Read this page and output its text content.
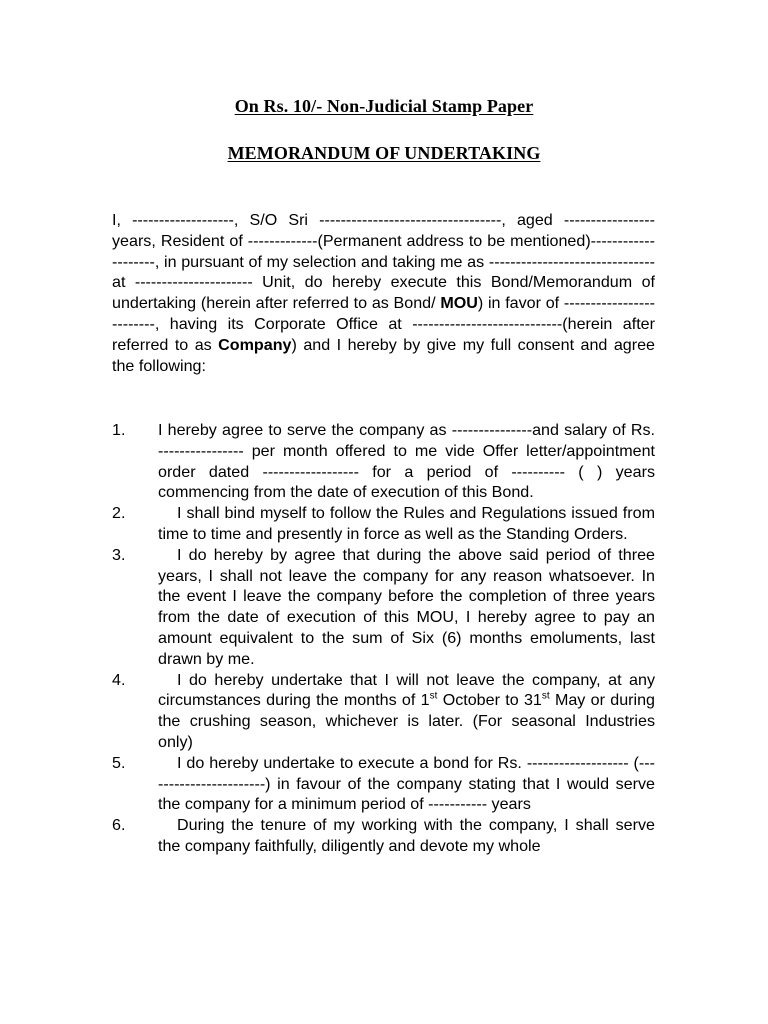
On Rs. 10/- Non-Judicial Stamp Paper
MEMORANDUM OF UNDERTAKING

I, -------------------, S/O Sri ----------------------------------, aged ----------------- years, Resident of -------------(Permanent address to be mentioned)--------------------, in pursuant of my selection and taking me as ------------------------------- at ---------------------- Unit, do hereby execute this Bond/Memorandum of undertaking (herein after referred to as Bond/ MOU) in favor of -------------------------, having its Corporate Office at ----------------------------(herein after referred to as Company) and I hereby by give my full consent and agree the following:

1.	I hereby agree to serve the company as ---------------and salary of Rs. ---------------- per month offered to me vide Offer letter/appointment order dated ------------------ for a period of ---------- ( ) years commencing from the date of execution of this Bond.
2.	I shall bind myself to follow the Rules and Regulations issued from time to time and presently in force as well as the Standing Orders.
3.	I do hereby by agree that during the above said period of three years, I shall not leave the company for any reason whatsoever. In the event I leave the company before the completion of three years from the date of execution of this MOU, I hereby agree to pay an amount equivalent to the sum of Six (6) months emoluments, last drawn by me.
4.	I do hereby undertake that I will not leave the company, at any circumstances during the months of 1st October to 31st May or during the crushing season, whichever is later. (For seasonal Industries only)
5.	I do hereby undertake to execute a bond for Rs. ------------------- (-----------------------) in favour of the company stating that I would serve the company for a minimum period of ----------- years
6.	During the tenure of my working with the company, I shall serve the company faithfully, diligently and devote my whole
